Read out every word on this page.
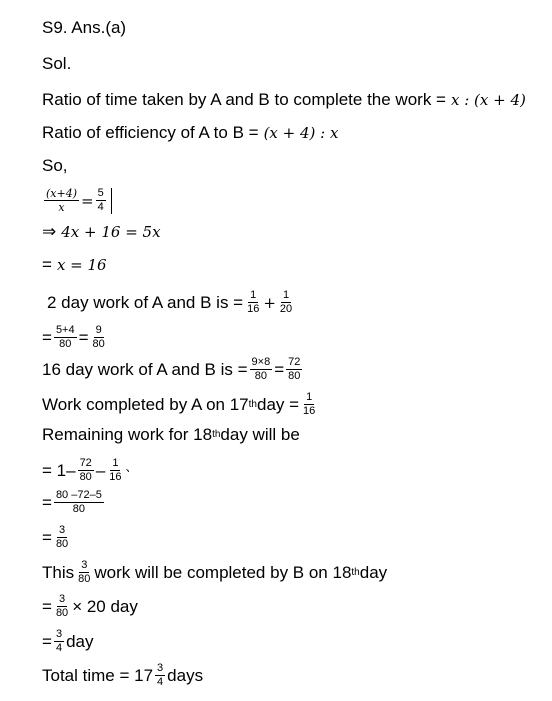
S9. Ans.(a)
Sol.
Ratio of time taken by A and B to complete the work = x : (x + 4)
Ratio of efficiency of A to B = (x + 4) : x
So,
$\frac{(x+4)}{x} = \frac{5}{4}$
⇒ 4x + 16 = 5x
= x = 16
2 day work of A and B is = $\frac{1}{16} + \frac{1}{20}$
= $\frac{5+4}{80} = \frac{9}{80}$
16 day work of A and B is = $\frac{9\times 8}{80} = \frac{72}{80}$
Work completed by A on 17 th day = $\frac{1}{16}$
Remaining work for 18 th day will be
= 1– 72
80 – 1
16
、
= $\frac{80 -72-5}{80}$
= $\frac{3}{80}$
This 3
80 work will be completed by B on 18 th day
= $\frac{3}{80} \times 20$ day
= $\frac{3}{4}$ day
Total time = 17 3
4 days
